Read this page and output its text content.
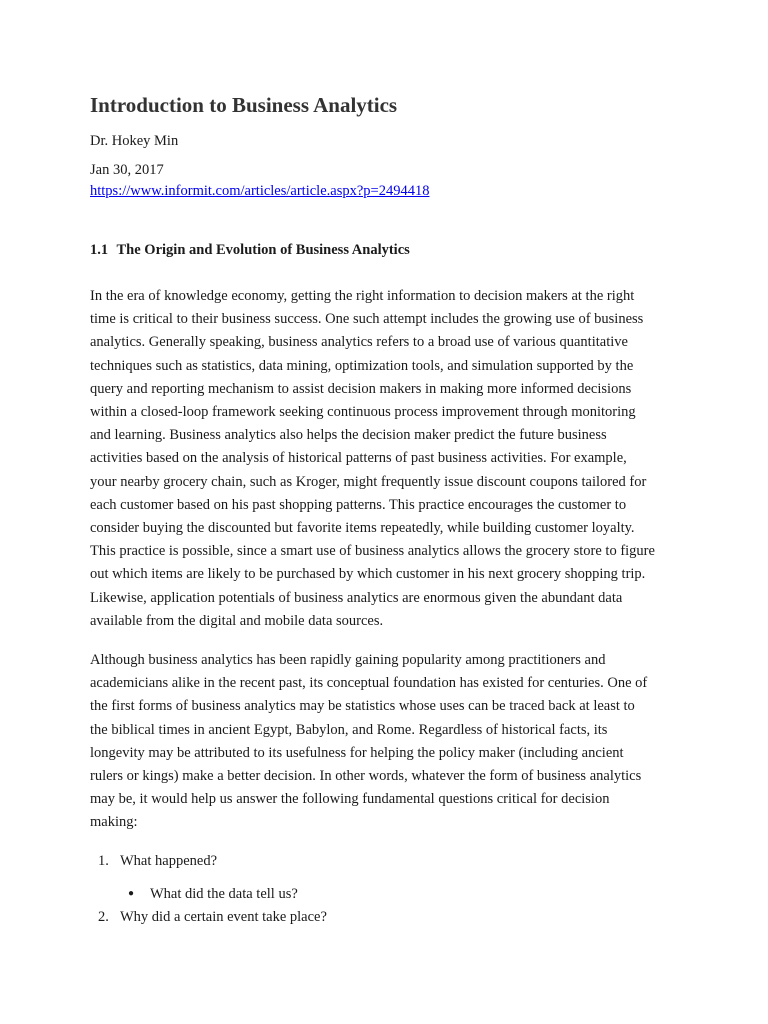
Introduction to Business Analytics

Dr. Hokey Min

Jan 30, 2017

https://www.informit.com/articles/article.aspx?p=2494418
1.1 The Origin and Evolution of Business Analytics

In the era of knowledge economy, getting the right information to decision makers at the right
time is critical to their business success. One such attempt includes the growing use of business
analytics. Generally speaking, business analytics refers to a broad use of various quantitative
techniques such as statistics, data mining, optimization tools, and simulation supported by the
query and reporting mechanism to assist decision makers in making more informed decisions
within a closed-loop framework seeking continuous process improvement through monitoring
and learning. Business analytics also helps the decision maker predict the future business
activities based on the analysis of historical patterns of past business activities. For example,
your nearby grocery chain, such as Kroger, might frequently issue discount coupons tailored for
each customer based on his past shopping patterns. This practice encourages the customer to
consider buying the discounted but favorite items repeatedly, while building customer loyalty.
This practice is possible, since a smart use of business analytics allows the grocery store to figure
out which items are likely to be purchased by which customer in his next grocery shopping trip.
Likewise, application potentials of business analytics are enormous given the abundant data
available from the digital and mobile data sources.

Although business analytics has been rapidly gaining popularity among practitioners and
academicians alike in the recent past, its conceptual foundation has existed for centuries. One of
the first forms of business analytics may be statistics whose uses can be traced back at least to
the biblical times in ancient Egypt, Babylon, and Rome. Regardless of historical facts, its
longevity may be attributed to its usefulness for helping the policy maker (including ancient
rulers or kings) make a better decision. In other words, whatever the form of business analytics
may be, it would help us answer the following fundamental questions critical for decision
making:

1. What happened?
● What did the data tell us?
2. Why did a certain event take place?
